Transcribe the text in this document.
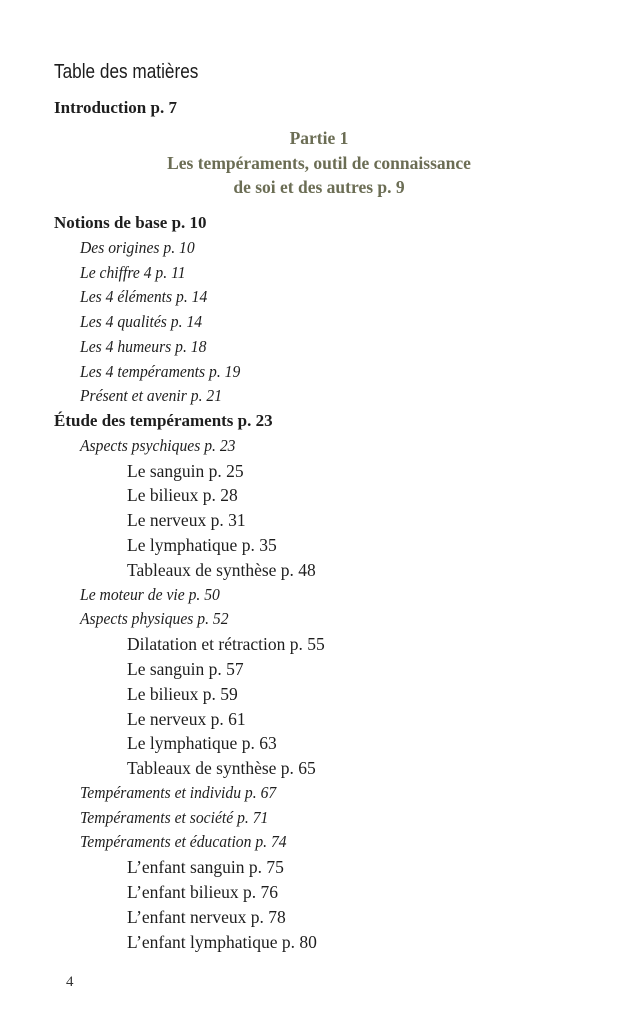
Table des matières
Introduction p. 7
Partie 1
Les tempéraments, outil de connaissance
de soi et des autres p. 9
Notions de base p. 10
Des origines p. 10
Le chiffre 4 p. 11
Les 4 éléments p. 14
Les 4 qualités p. 14
Les 4 humeurs p. 18
Les 4 tempéraments p. 19
Présent et avenir p. 21
Étude des tempéraments p. 23
Aspects psychiques p. 23
Le sanguin p. 25
Le bilieux p. 28
Le nerveux p. 31
Le lymphatique p. 35
Tableaux de synthèse p. 48
Le moteur de vie p. 50
Aspects physiques p. 52
Dilatation et rétraction p. 55
Le sanguin p. 57
Le bilieux p. 59
Le nerveux p. 61
Le lymphatique p. 63
Tableaux de synthèse p. 65
Tempéraments et individu p. 67
Tempéraments et société p. 71
Tempéraments et éducation p. 74
L’enfant sanguin p. 75
L’enfant bilieux p. 76
L’enfant nerveux p. 78
L’enfant lymphatique p. 80
4
